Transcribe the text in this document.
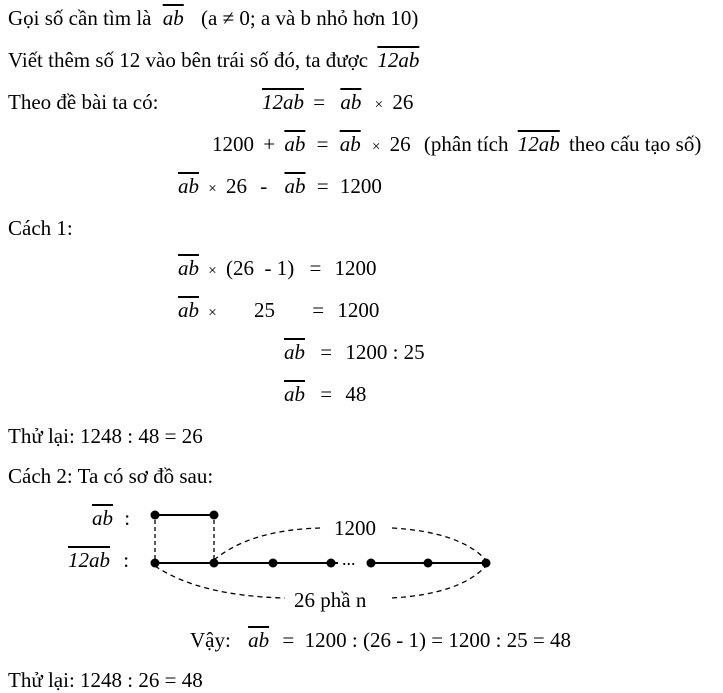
Gọi số cần tìm là $\overline{ab}$ (a ≠ 0; a và b nhỏ hơn 10)
Viết thêm số 12 vào bên trái số đó, ta được 12ab
Theo đề bài ta có:	$12ab = \overline{ab} \times 26$
$1200 + \overline{ab} = \overline{ab} \times 26$ (phân tích 12ab theo cấu tạo số)
$\overline{ab} \times 26 - \overline{ab} = 1200$
Cách 1:
$\overline{ab} \times (26 - 1) = 1200$
$\overline{ab} \times 25 = 1200$
$\overline{ab} = 1200$ : 25
$\overline{ab} = 48$
Thử lại: 1248 : 48 = 26
Cách 2: Ta có sơ đồ sau:
$\overline{ab}$ :
12ab :
1200
...
26 phầ n
Vậy: $\overline{ab} = 1200$ : (26 - 1) = 1200 : 25 = 48
Thử lại: 1248 : 26 = 48
